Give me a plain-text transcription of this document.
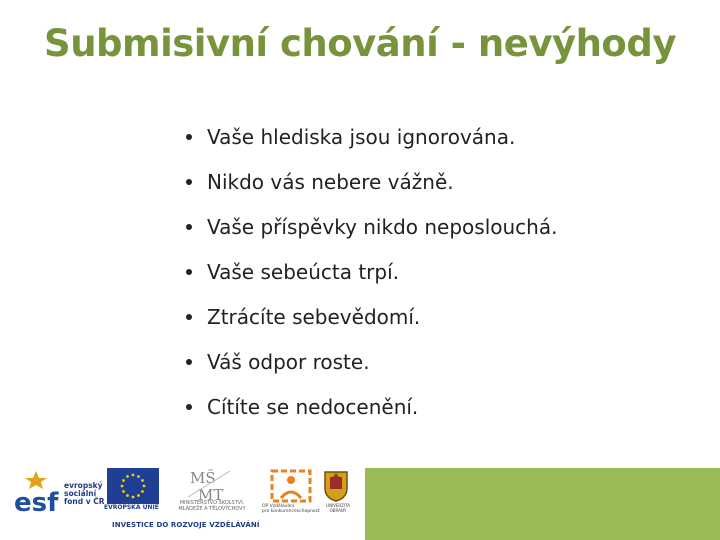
Submisivní chování - nevýhody
Vaše hlediska jsou ignorována.
Nikdo vás nebere vážně.
Vaše příspěvky nikdo neposlouchá.
Vaše sebeúcta trpí.
Ztrácíte sebevědomí.
Váš odpor roste.
Cítíte se nedocenění.
esf
evropský
sociální
fond v ČR
EVROPSKÁ UNIE
MŠ
MT
MINISTERSTVO ŠKOLSTVÍ,
MLÁDEŽE A TĚLOVÝCHOVY	OP Vzdělávání
pro konkurenceschopnost
UNIVERZITA
OBRANY
INVESTICE DO ROZVOJE VZDĚLÁVÁNÍ
